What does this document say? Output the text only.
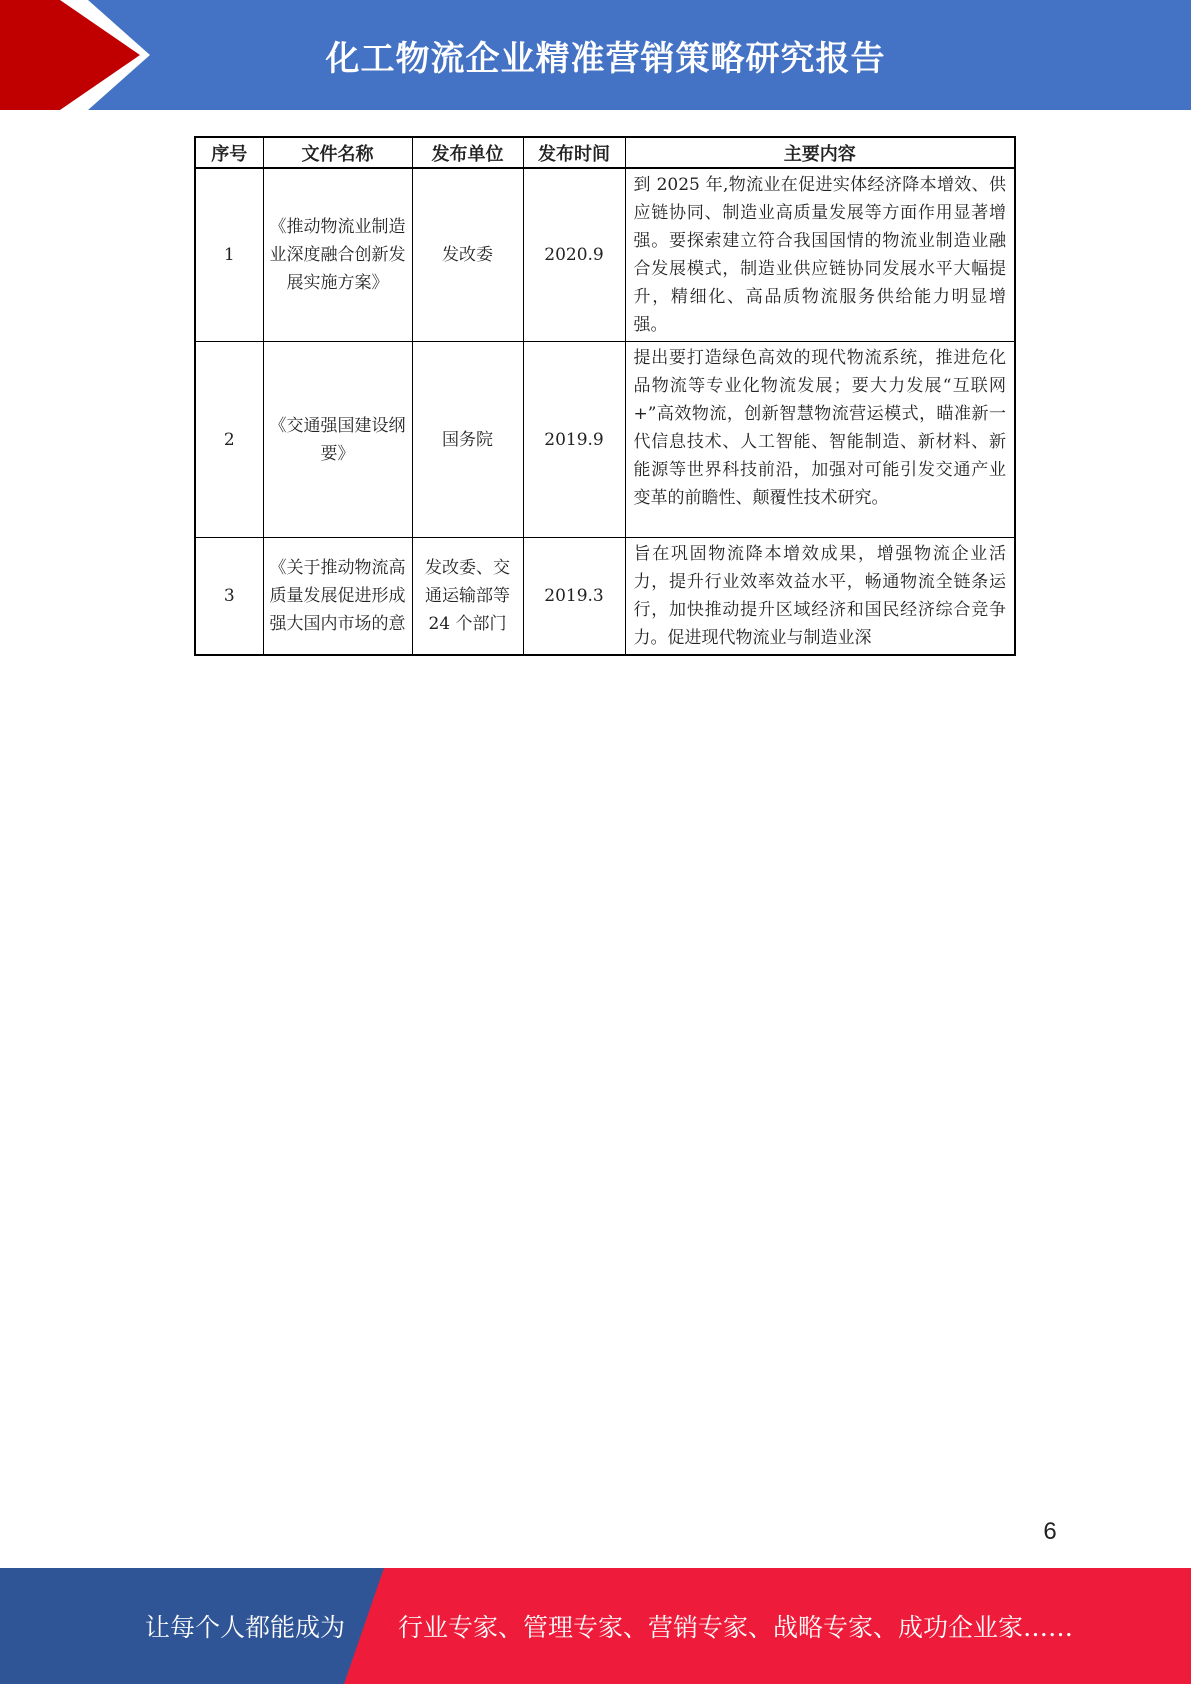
化工物流企业精准营销策略研究报告
序号	文件名称	发布单位	发布时间	主要内容
1	《推动物流业制造业深度融合创新发展实施方案》	发改委	2020.9	到 2025 年,物流业在促进实体经济降本增效、供应链协同、制造业高质量发展等方面作用显著增强。要探索建立符合我国国情的物流业制造业融合发展模式，制造业供应链协同发展水平大幅提升，精细化、高品质物流服务供给能力明显增强。
2	《交通强国建设纲要》	国务院	2019.9	提出要打造绿色高效的现代物流系统，推进危化品物流等专业化物流发展；要大力发展“互联网+”高效物流，创新智慧物流营运模式，瞄准新一代信息技术、人工智能、智能制造、新材料、新能源等世界科技前沿，加强对可能引发交通产业变革的前瞻性、颠覆性技术研究。
3	《关于推动物流高质量发展促进形成强大国内市场的意	发改委、交通运输部等 24 个部门	2019.3	旨在巩固物流降本增效成果，增强物流企业活力，提升行业效率效益水平，畅通物流全链条运行，加快推动提升区域经济和国民经济综合竞争力。促进现代物流业与制造业深
6
让每个人都能成为	行业专家、管理专家、营销专家、战略专家、成功企业家……
